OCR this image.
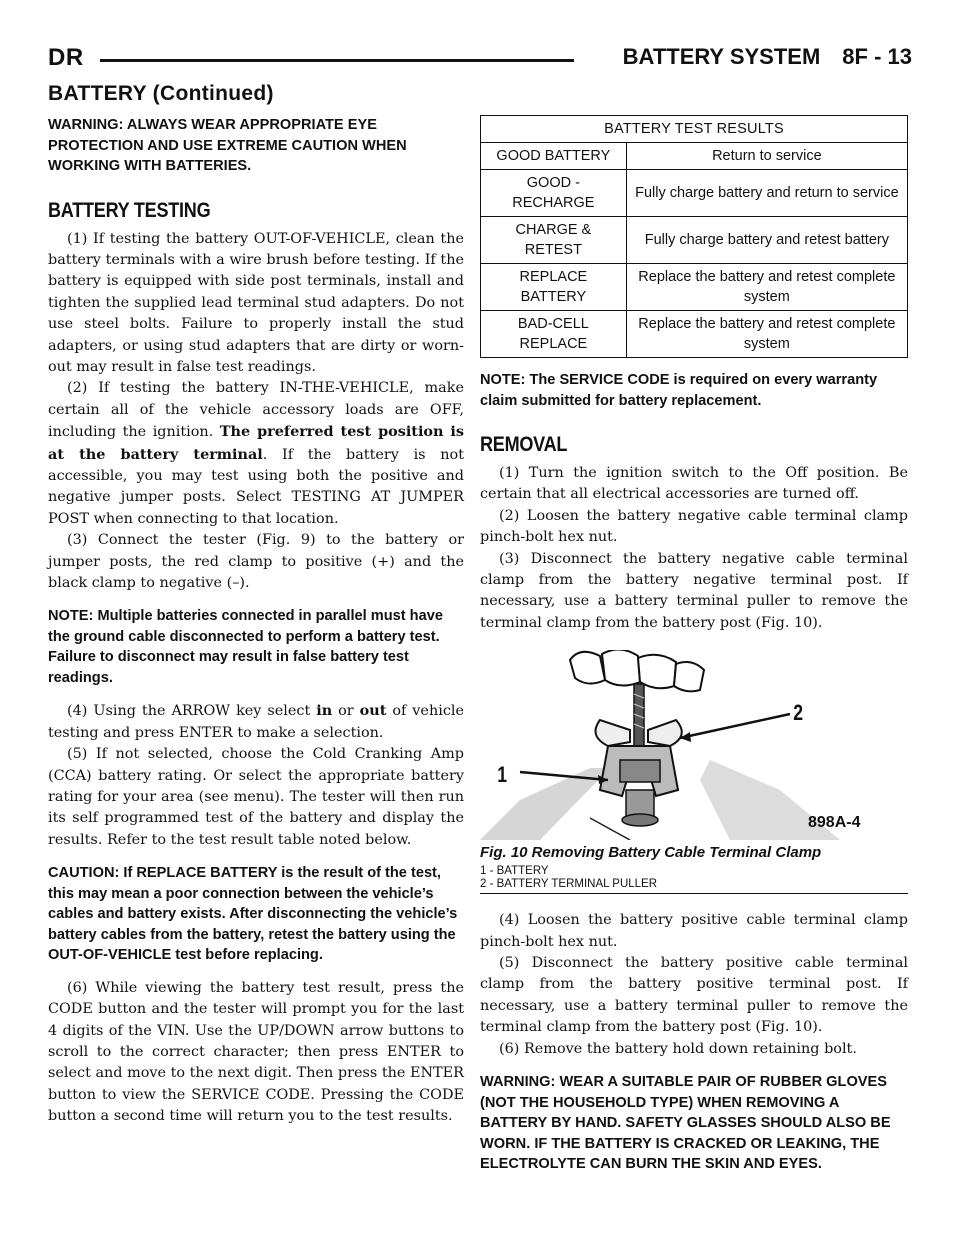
DR	BATTERY SYSTEM 8F - 13
BATTERY (Continued)

WARNING: ALWAYS WEAR APPROPRIATE EYE PROTECTION AND USE EXTREME CAUTION WHEN WORKING WITH BATTERIES.

BATTERY TESTING

(1) If testing the battery OUT-OF-VEHICLE, clean the battery terminals with a wire brush before testing. If the battery is equipped with side post terminals, install and tighten the supplied lead terminal stud adapters. Do not use steel bolts. Failure to properly install the stud adapters, or using stud adapters that are dirty or worn-out may result in false test readings.

(2) If testing the battery IN-THE-VEHICLE, make certain all of the vehicle accessory loads are OFF, including the ignition. The preferred test position is at the battery terminal. If the battery is not accessible, you may test using both the positive and negative jumper posts. Select TESTING AT JUMPER POST when connecting to that location.

(3) Connect the tester (Fig. 9) to the battery or jumper posts, the red clamp to positive (+) and the black clamp to negative (–).

NOTE: Multiple batteries connected in parallel must have the ground cable disconnected to perform a battery test. Failure to disconnect may result in false battery test readings.

(4) Using the ARROW key select in or out of vehicle testing and press ENTER to make a selection.

(5) If not selected, choose the Cold Cranking Amp (CCA) battery rating. Or select the appropriate battery rating for your area (see menu). The tester will then run its self programmed test of the battery and display the results. Refer to the test result table noted below.

CAUTION: If REPLACE BATTERY is the result of the test, this may mean a poor connection between the vehicle’s cables and battery exists. After disconnecting the vehicle’s battery cables from the battery, retest the battery using the OUT-OF-VEHICLE test before replacing.

(6) While viewing the battery test result, press the CODE button and the tester will prompt you for the last 4 digits of the VIN. Use the UP/DOWN arrow buttons to scroll to the correct character; then press ENTER to select and move to the next digit. Then press the ENTER button to view the SERVICE CODE. Pressing the CODE button a second time will return you to the test results.

BATTERY TEST RESULTS	
GOOD BATTERY	Return to service
GOOD - RECHARGE	Fully charge battery and return to service
CHARGE & RETEST	Fully charge battery and retest battery
REPLACE BATTERY	Replace the battery and retest complete system
BAD-CELL REPLACE	Replace the battery and retest complete system

NOTE: The SERVICE CODE is required on every warranty claim submitted for battery replacement.

REMOVAL

(1) Turn the ignition switch to the Off position. Be certain that all electrical accessories are turned off.

(2) Loosen the battery negative cable terminal clamp pinch-bolt hex nut.

(3) Disconnect the battery negative cable terminal clamp from the battery negative terminal post. If necessary, use a battery terminal puller to remove the terminal clamp from the battery post (Fig. 10).

1
2
898A-4
Fig. 10 Removing Battery Cable Terminal Clamp
1 - BATTERY
2 - BATTERY TERMINAL PULLER

(4) Loosen the battery positive cable terminal clamp pinch-bolt hex nut.

(5) Disconnect the battery positive cable terminal clamp from the battery positive terminal post. If necessary, use a battery terminal puller to remove the terminal clamp from the battery post (Fig. 10).

(6) Remove the battery hold down retaining bolt.

WARNING: WEAR A SUITABLE PAIR OF RUBBER GLOVES (NOT THE HOUSEHOLD TYPE) WHEN REMOVING A BATTERY BY HAND. SAFETY GLASSES SHOULD ALSO BE WORN. IF THE BATTERY IS CRACKED OR LEAKING, THE ELECTROLYTE CAN BURN THE SKIN AND EYES.
